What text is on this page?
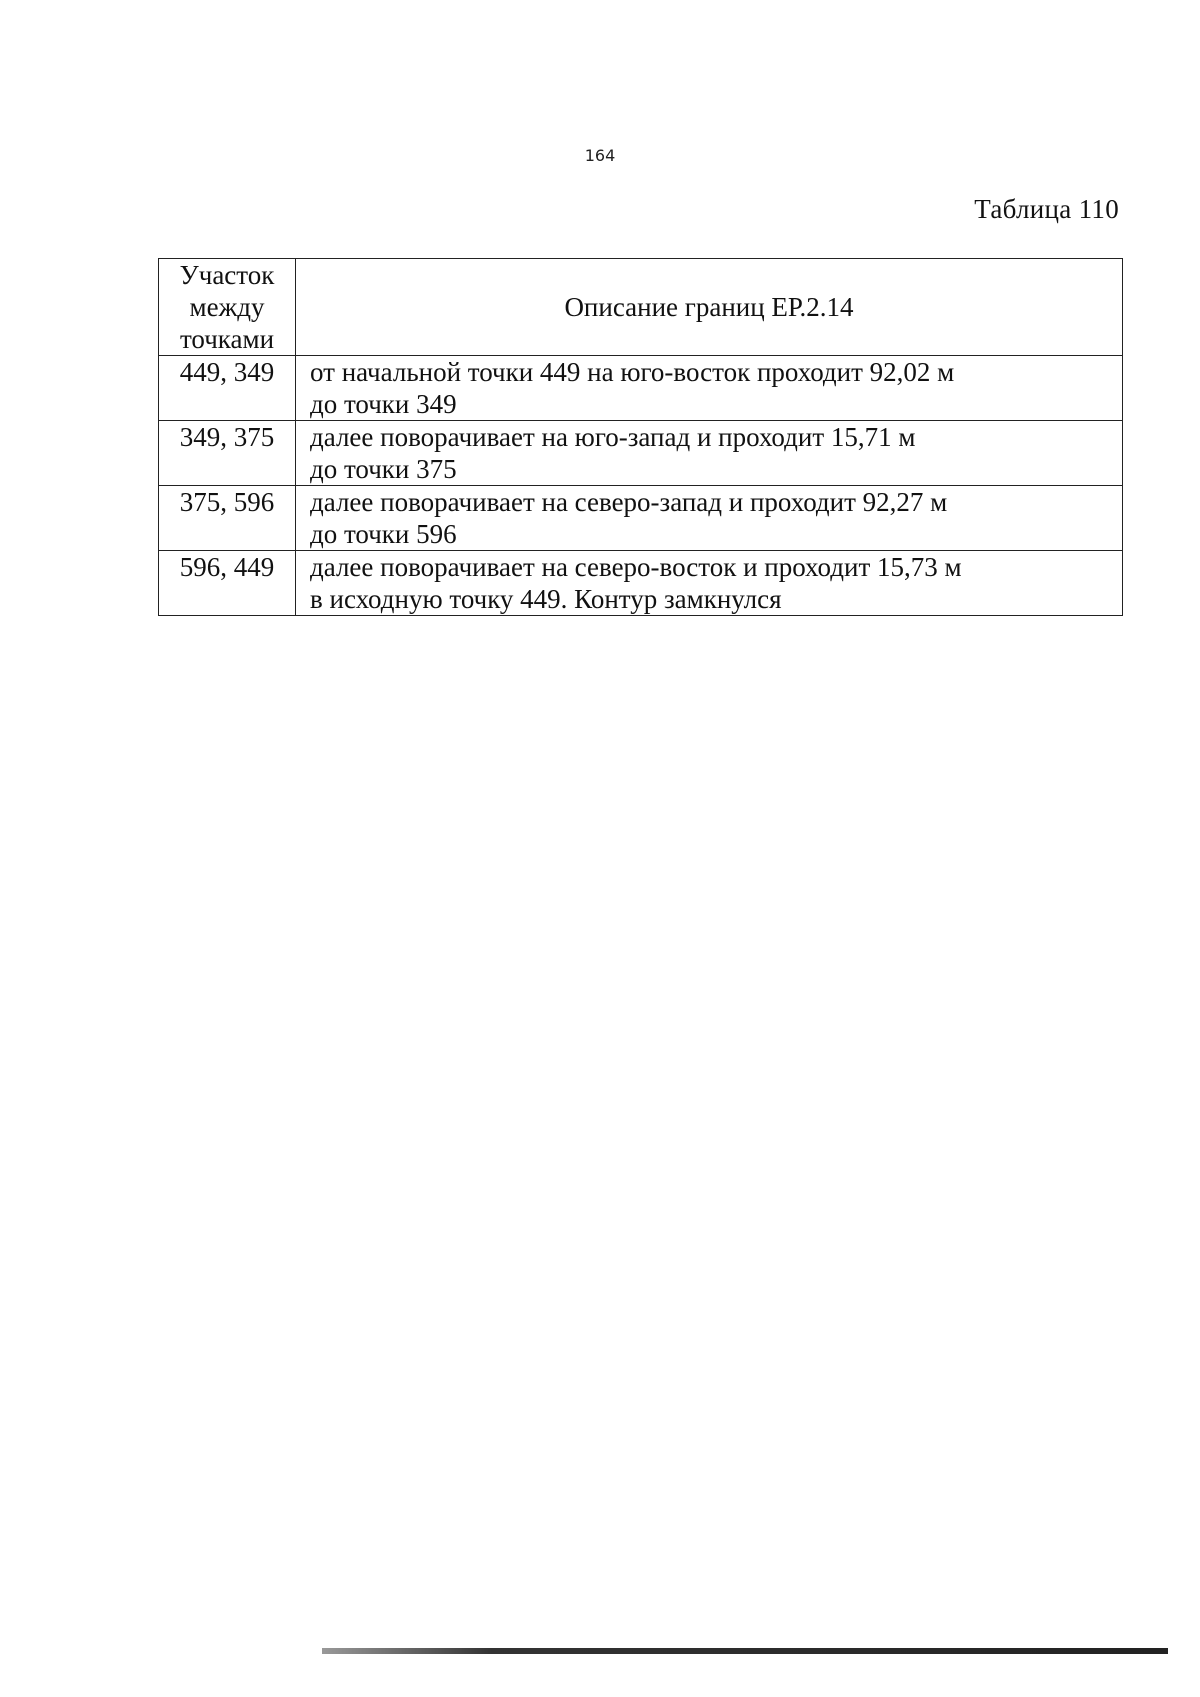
164
Таблица 110
Участок
между
точками	Описание границ ЕР.2.14
449, 349	от начальной точки 449 на юго-восток проходит 92,02 м
до точки 349

349, 375	далее поворачивает на юго-запад и проходит 15,71 м
до точки 375

375, 596	далее поворачивает на северо-запад и проходит 92,27 м
до точки 596

596, 449	далее поворачивает на северо-восток и проходит 15,73 м
в исходную точку 449. Контур замкнулся
